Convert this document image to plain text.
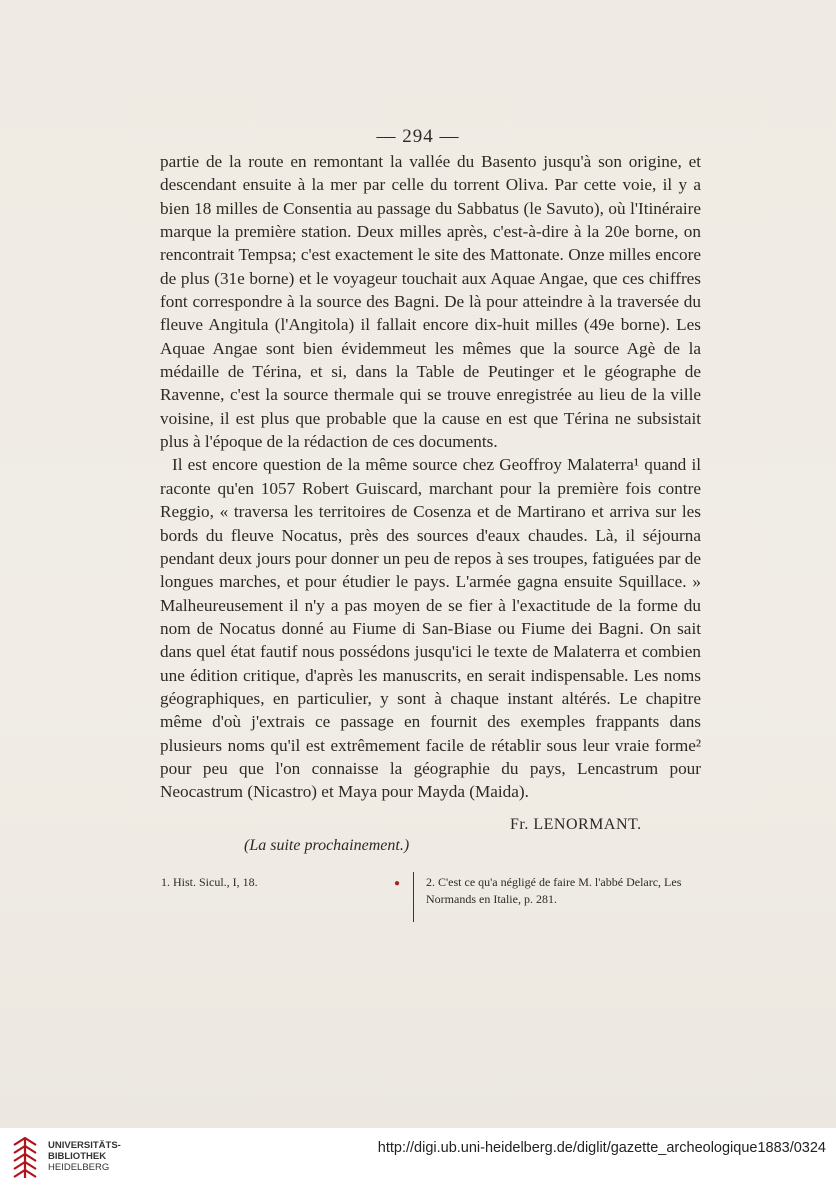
— 294 —

partie de la route en remontant la vallée du Basento jusqu'à son origine, et descendant ensuite à la mer par celle du torrent Oliva. Par cette voie, il y a bien 18 milles de Consentia au passage du Sabbatus (le Savuto), où l'Itinéraire marque la première station. Deux milles après, c'est-à-dire à la 20e borne, on rencontrait Tempsa; c'est exactement le site des Mattonate. Onze milles encore de plus (31e borne) et le voyageur touchait aux Aquae Angae, que ces chiffres font correspondre à la source des Bagni. De là pour atteindre à la traversée du fleuve Angitula (l'Angitola) il fallait encore dix-huit milles (49e borne). Les Aquae Angae sont bien évidemmeut les mêmes que la source Agè de la médaille de Térina, et si, dans la Table de Peutinger et le géographe de Ravenne, c'est la source thermale qui se trouve enregistrée au lieu de la ville voisine, il est plus que probable que la cause en est que Térina ne subsistait plus à l'époque de la rédaction de ces documents.

Il est encore question de la même source chez Geoffroy Malaterra¹ quand il raconte qu'en 1057 Robert Guiscard, marchant pour la première fois contre Reggio, « traversa les territoires de Cosenza et de Martirano et arriva sur les bords du fleuve Nocatus, près des sources d'eaux chaudes. Là, il séjourna pendant deux jours pour donner un peu de repos à ses troupes, fatiguées par de longues marches, et pour étudier le pays. L'armée gagna ensuite Squillace. » Malheureusement il n'y a pas moyen de se fier à l'exactitude de la forme du nom de Nocatus donné au Fiume di San-Biase ou Fiume dei Bagni. On sait dans quel état fautif nous possédons jusqu'ici le texte de Malaterra et combien une édition critique, d'après les manuscrits, en serait indispensable. Les noms géographiques, en particulier, y sont à chaque instant altérés. Le chapitre même d'où j'extrais ce passage en fournit des exemples frappants dans plusieurs noms qu'il est extrêmement facile de rétablir sous leur vraie forme² pour peu que l'on connaisse la géographie du pays, Lencastrum pour Neocastrum (Nicastro) et Maya pour Mayda (Maida).

Fr. LENORMANT.
(La suite prochainement.)
1. Hist. Sicul., I, 18.	● 2. C'est ce qu'a négligé de faire M. l'abbé Delarc, Les Normands en Italie, p. 281.
UNIVERSITÄTS-
BIBLIOTHEK
HEIDELBERG
http://digi.ub.uni-heidelberg.de/diglit/gazette_archeologique1883/0324
